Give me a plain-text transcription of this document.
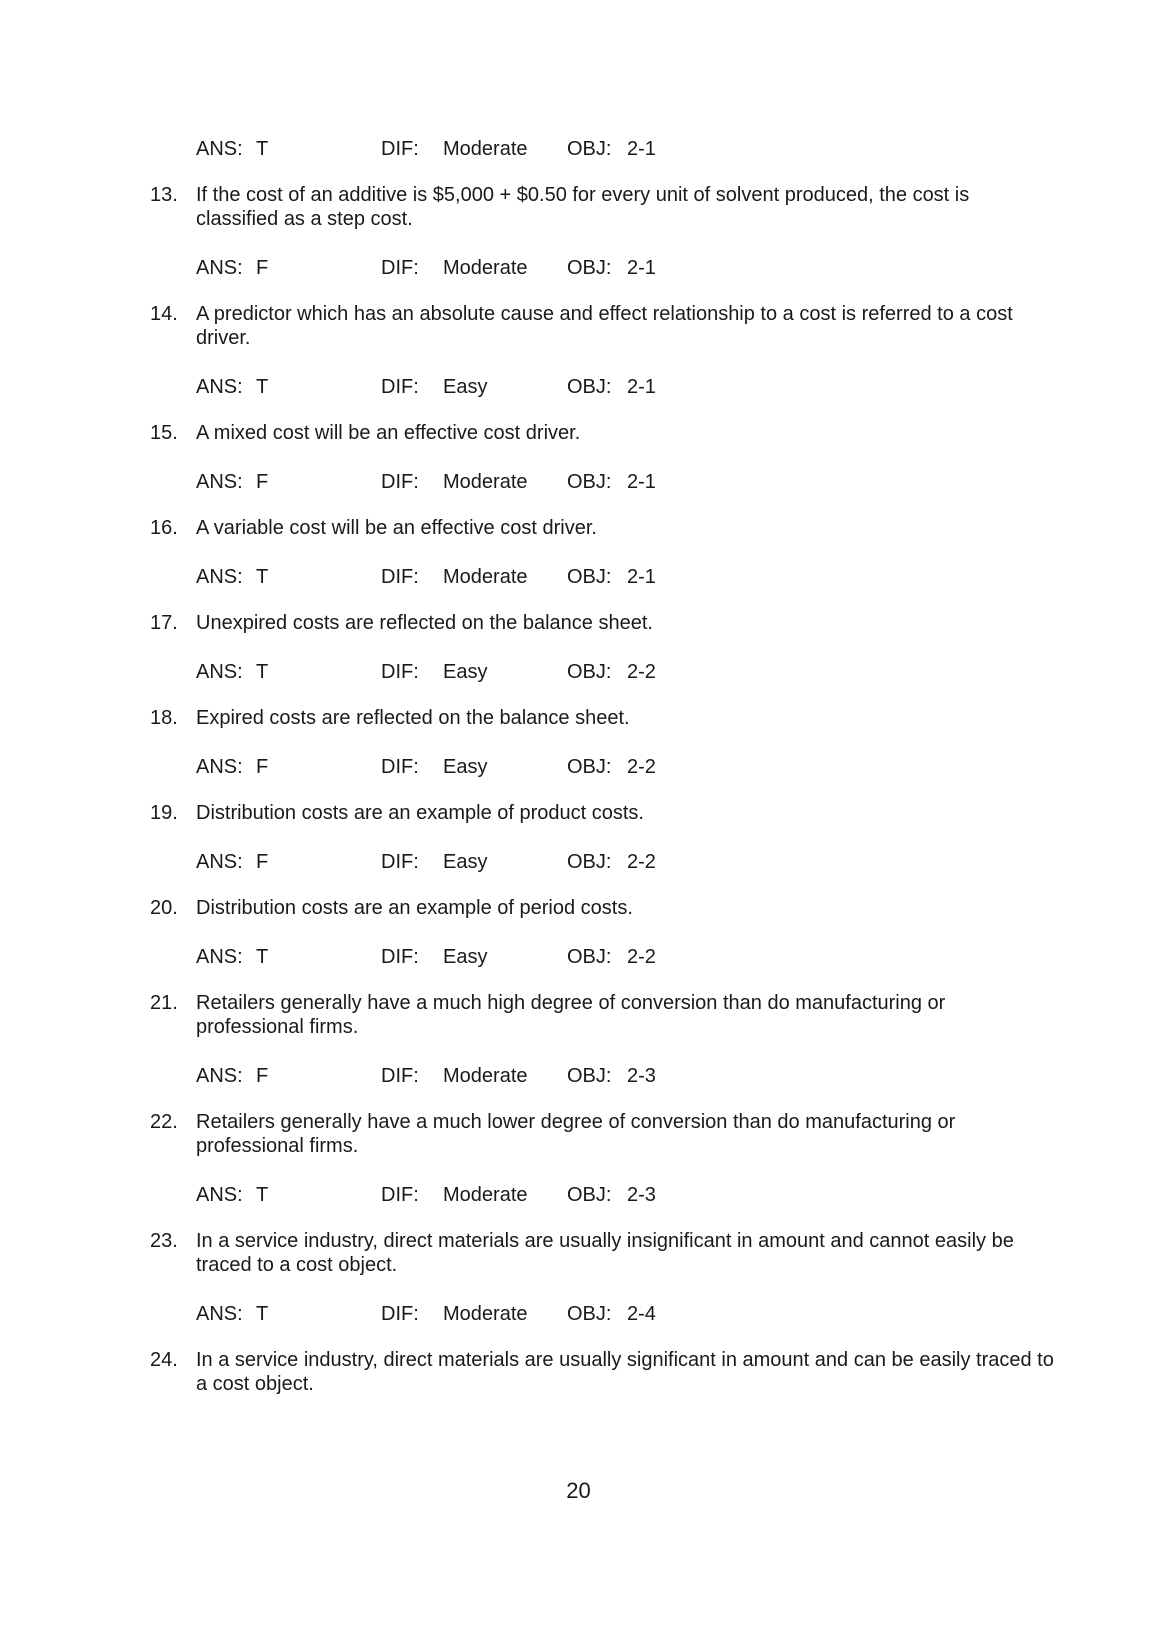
ANS: T	DIF: Moderate OBJ: 2-1
13. If the cost of an additive is $5,000 + $0.50 for every unit of solvent produced, the cost is classified as a step cost.
ANS: F	DIF: Moderate OBJ: 2-1
14. A predictor which has an absolute cause and effect relationship to a cost is referred to a cost driver.
ANS: T	DIF: Easy	OBJ: 2-1
15. A mixed cost will be an effective cost driver.
ANS: F	DIF: Moderate OBJ: 2-1
16. A variable cost will be an effective cost driver.
ANS: T	DIF: Moderate OBJ: 2-1
17. Unexpired costs are reflected on the balance sheet.
ANS: T	DIF: Easy	OBJ: 2-2
18. Expired costs are reflected on the balance sheet.
ANS: F	DIF: Easy	OBJ: 2-2
19. Distribution costs are an example of product costs.
ANS: F	DIF: Easy	OBJ: 2-2
20. Distribution costs are an example of period costs.
ANS: T	DIF: Easy	OBJ: 2-2
21. Retailers generally have a much high degree of conversion than do manufacturing or professional firms.
ANS: F	DIF: Moderate OBJ: 2-3
22. Retailers generally have a much lower degree of conversion than do manufacturing or professional firms.
ANS: T	DIF: Moderate OBJ: 2-3
23. In a service industry, direct materials are usually insignificant in amount and cannot easily be traced to a cost object.
ANS: T	DIF: Moderate OBJ: 2-4
24. In a service industry, direct materials are usually significant in amount and can be easily traced to a cost object.
20
